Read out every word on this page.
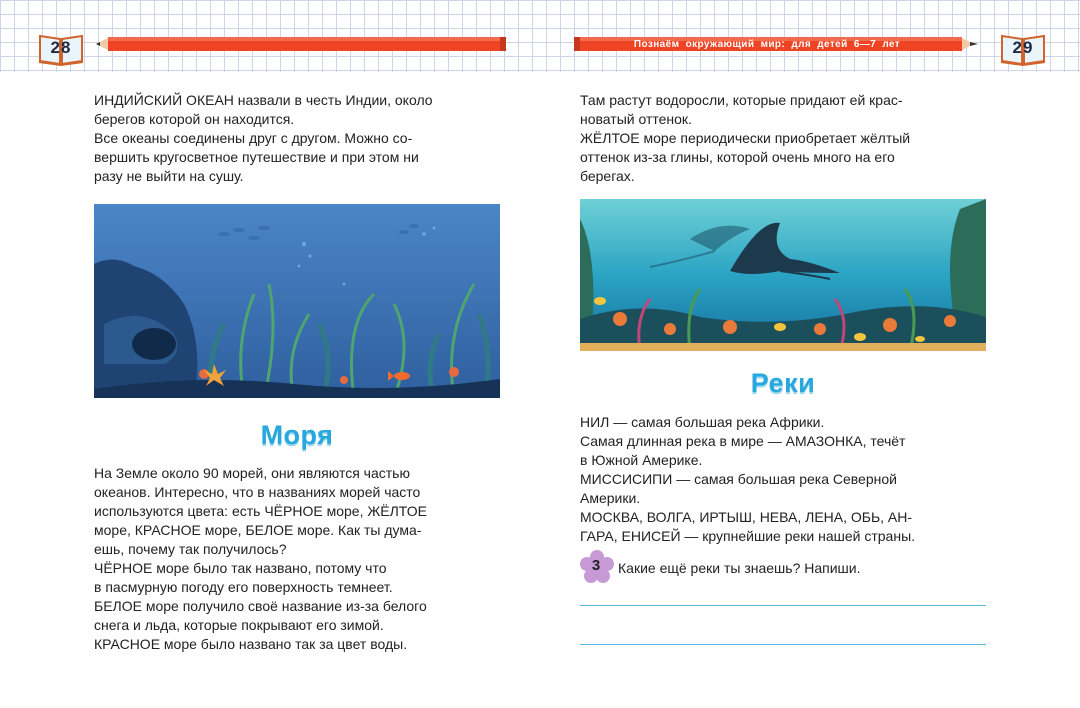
28	Познаём окружающий мир: для детей 6—7 лет	29

ИНДИЙСКИЙ ОКЕАН назвали в честь Индии, около

берегов которой он находится.

Все океаны соединены друг с другом. Можно со-

вершить кругосветное путешествие и при этом ни

разу не выйти на сушу.

Моря

На Земле около 90 морей, они являются частью

океанов. Интересно, что в названиях морей часто

используются цвета: есть ЧЁРНОЕ море, ЖЁЛТОЕ

море, КРАСНОЕ море, БЕЛОЕ море. Как ты дума-

ешь, почему так получилось?

ЧЁРНОЕ море было так названо, потому что

в пасмурную погоду его поверхность темнеет.

БЕЛОЕ море получило своё название из-за белого

снега и льда, которые покрывают его зимой.

КРАСНОЕ море было названо так за цвет воды.

Там растут водоросли, которые придают ей крас-

новатый оттенок.

ЖЁЛТОЕ море периодически приобретает жёлтый

оттенок из-за глины, которой очень много на его

берегах.

Реки

НИЛ — самая большая река Африки.

Самая длинная река в мире — АМАЗОНКА, течёт

в Южной Америке.

МИССИСИПИ — самая большая река Северной

Америки.

МОСКВА, ВОЛГА, ИРТЫШ, НЕВА, ЛЕНА, ОБЬ, АН-

ГАРА, ЕНИСЕЙ — крупнейшие реки нашей страны.

3	Какие ещё реки ты знаешь? Напиши.
